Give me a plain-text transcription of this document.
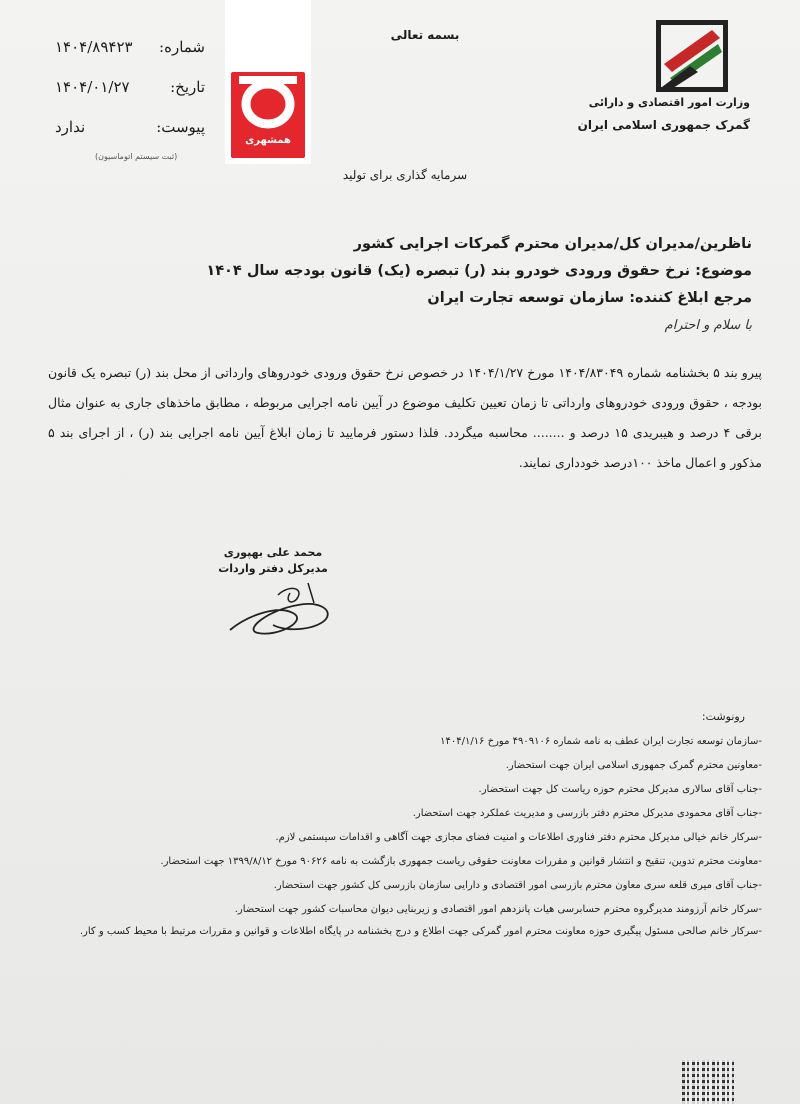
بسمه تعالی
شماره:
۱۴۰۴/۸۹۴۲۳
تاریخ:
۱۴۰۴/۰۱/۲۷
پیوست:
ندارد
(ثبت سیستم اتوماسیون)
همشهری
وزارت امور اقتصادی و دارائی
گمرک جمهوری اسلامی ایران
سرمایه گذاری برای تولید
ناظرین/مدیران کل/مدیران محترم گمرکات اجرایی کشور
موضوع: نرخ حقوق ورودی خودرو بند (ر) تبصره (یک) قانون بودجه سال ۱۴۰۴
مرجع ابلاغ کننده: سازمان توسعه تجارت ایران
با سلام و احترام
پیرو بند ۵ بخشنامه شماره ۱۴۰۴/۸۳۰۴۹ مورخ ۱۴۰۴/۱/۲۷ در خصوص نرخ حقوق ورودی خودروهای وارداتی از محل بند (ر) تبصره یک قانون بودجه ، حقوق ورودی خودروهای وارداتی تا زمان تعیین تکلیف موضوع در آیین نامه اجرایی مربوطه ، مطابق ماخذهای جاری به عنوان مثال برقی ۴ درصد و هیبریدی ۱۵ درصد و ........ محاسبه میگردد. فلذا دستور فرمایید تا زمان ابلاغ آیین نامه اجرایی بند (ر) ، از اجرای بند ۵ مذکور و اعمال ماخذ ۱۰۰درصد خودداری نمایند.
محمد علی بهپوری
مدیرکل دفتر واردات
رونوشت:
-سازمان توسعه تجارت ایران عطف به نامه شماره ۴۹۰۹۱۰۶ مورخ ۱۴۰۴/۱/۱۶
-معاونین محترم گمرک جمهوری اسلامی ایران جهت استحضار.
-جناب آقای سالاری مدیرکل محترم حوزه ریاست کل جهت استحضار.
-جناب آقای محمودی مدیرکل محترم دفتر بازرسی و مدیریت عملکرد جهت استحضار.
-سرکار خانم خیالی مدیرکل محترم دفتر فناوری اطلاعات و امنیت فضای مجازی جهت آگاهی و اقدامات سیستمی لازم.
-معاونت محترم تدوین، تنقیح و انتشار قوانین و مقررات معاونت حقوقی ریاست جمهوری بازگشت به نامه ۹۰۶۲۶ مورخ ۱۳۹۹/۸/۱۲ جهت استحضار.
-جناب آقای میری قلعه سری معاون محترم بازرسی امور اقتصادی و دارایی سازمان بازرسی کل کشور جهت استحضار.
-سرکار خانم آرزومند مدیرگروه محترم حسابرسی هیات پانزدهم امور اقتصادی و زیربنایی دیوان محاسبات کشور جهت استحضار.
-سرکار خانم صالحی مسئول پیگیری حوزه معاونت محترم امور گمرکی جهت اطلاع و درج بخشنامه در پایگاه اطلاعات و قوانین و مقررات مرتبط با محیط کسب و کار.
